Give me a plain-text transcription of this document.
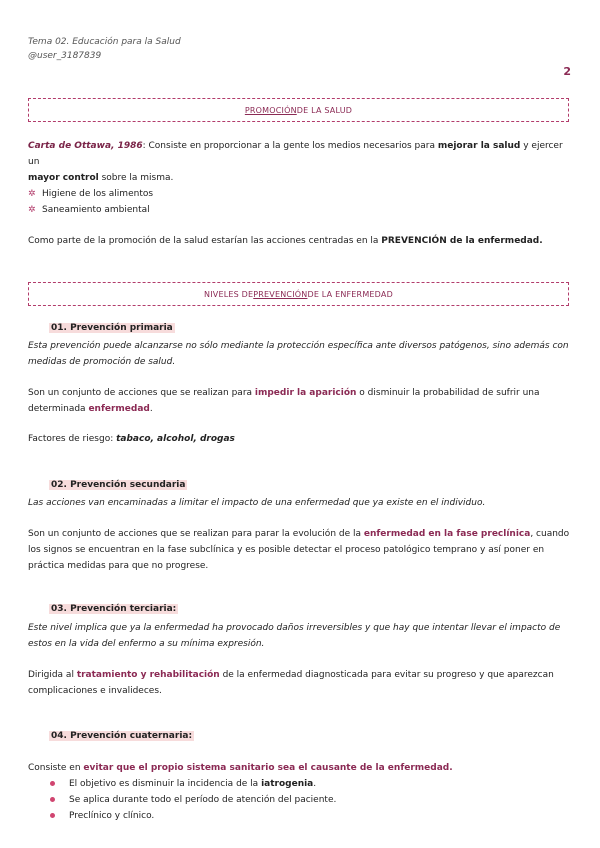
Tema 02. Educación para la Salud
@user_3187839
2
PROMOCIÓN DE LA SALUD
Carta de Ottawa, 1986: Consiste en proporcionar a la gente los medios necesarios para mejorar la salud y ejercer un
mayor control sobre la misma.
✲ Higiene de los alimentos
✲ Saneamiento ambiental
Como parte de la promoción de la salud estarían las acciones centradas en la PREVENCIÓN de la enfermedad.
NIVELES DE PREVENCIÓN DE LA ENFERMEDAD
01. Prevención primaria
Esta prevención puede alcanzarse no sólo mediante la protección específica ante diversos patógenos, sino además con medidas de promoción de salud.
Son un conjunto de acciones que se realizan para impedir la aparición o disminuir la probabilidad de sufrir una
determinada enfermedad.
Factores de riesgo: tabaco, alcohol, drogas
02. Prevención secundaria
Las acciones van encaminadas a limitar el impacto de una enfermedad que ya existe en el individuo.
Son un conjunto de acciones que se realizan para parar la evolución de la enfermedad en la fase preclínica, cuando
los signos se encuentran en la fase subclínica y es posible detectar el proceso patológico temprano y así poner en
práctica medidas para que no progrese.
03. Prevención terciaria:
Este nivel implica que ya la enfermedad ha provocado daños irreversibles y que hay que intentar llevar el impacto de estos en la vida del enfermo a su mínima expresión.
Dirigida al tratamiento y rehabilitación de la enfermedad diagnosticada para evitar su progreso y que aparezcan
complicaciones e invalideces.
04. Prevención cuaternaria:
Consiste en evitar que el propio sistema sanitario sea el causante de la enfermedad.
El objetivo es disminuir la incidencia de la iatrogenia.
Se aplica durante todo el período de atención del paciente.
Preclínico y clínico.
